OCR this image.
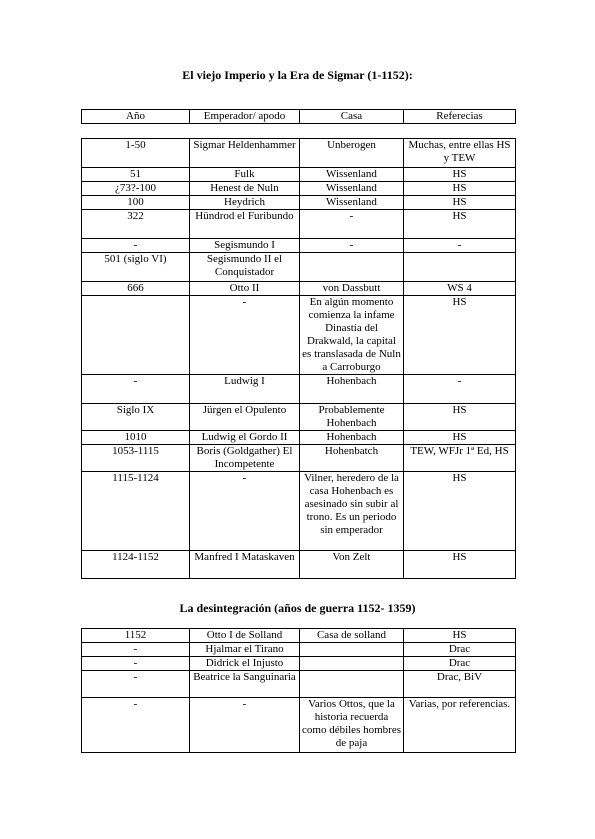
El viejo Imperio y la Era de Sigmar (1-1152):
Año	Emperador/ apodo	Casa	Referecias
1-50	Sigmar Heldenhammer	Unberogen	Muchas, entre ellas HS y TEW
51	Fulk	Wissenland	HS
¿73?-100	Henest de Nuln	Wissenland	HS
100	Heydrich	Wissenland	HS
322	Hündrod el Furibundo	-	HS
-	Segismundo I	-	-
501 (siglo VI)	Segismundo II el Conquistador		
666	Otto II	von Dassbutt	WS 4
	-	En algún momento comienza la infame Dinastía del Drakwald, la capital es translasada de Nuln a Carroburgo	HS
-	Ludwig I	Hohenbach	-
Siglo IX	Jürgen el Opulento	Probablemente Hohenbach	HS
1010	Ludwig el Gordo II	Hohenbach	HS
1053-1115	Boris (Goldgather) El Incompetente	Hohenbatch	TEW, WFJr 1ª Ed, HS
1115-1124	-	Vilner, heredero de la casa Hohenbach es asesinado sin subir al trono. Es un periodo sin emperador	HS
1124-1152	Manfred I Mataskaven	Von Zelt	HS
La desintegración (años de guerra 1152- 1359)
1152	Otto I de Solland	Casa de solland	HS
-	Hjalmar el Tirano		Drac
-	Didrick el Injusto		Drac
-	Beatrice la Sanguinaria		Drac, BiV
-	-	Varios Ottos, que la historia recuerda como débiles hombres de paja	Varias, por referencias.
